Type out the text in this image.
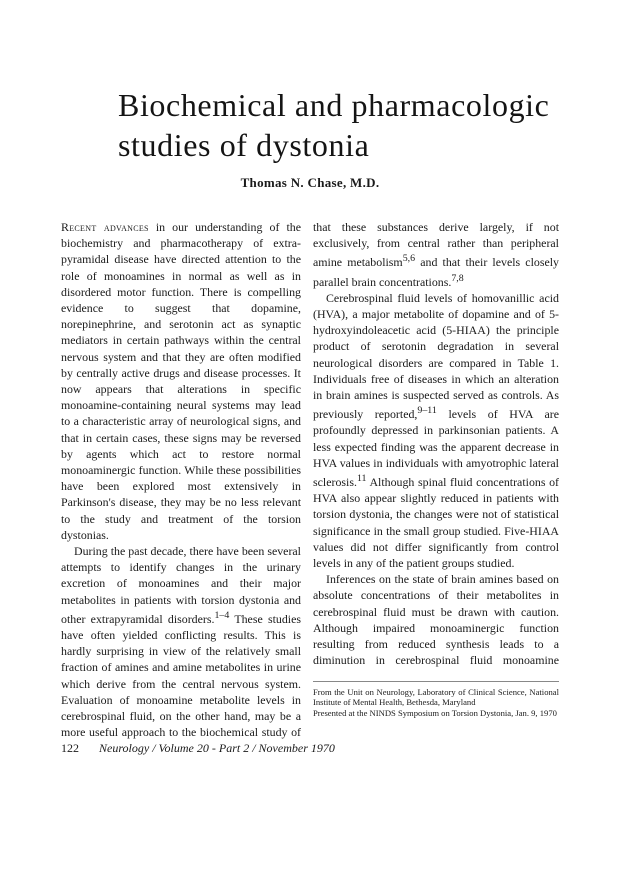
Biochemical and pharmacologic
studies of dystonia
Thomas N. Chase, M.D.

Recent advances in our understanding of the biochemistry and pharmacotherapy of extrapyramidal disease have directed attention to the role of monoamines in normal as well as in disordered motor function. There is compelling evidence to suggest that dopamine, norepinephrine, and serotonin act as synaptic mediators in certain pathways within the central nervous system and that they are often modified by centrally active drugs and disease processes. It now appears that alterations in specific monoamine-containing neural systems may lead to a characteristic array of neurological signs, and that in certain cases, these signs may be reversed by agents which act to restore normal monoaminergic function. While these possibilities have been explored most extensively in Parkinson's disease, they may be no less relevant to the study and treatment of the torsion dystonias.

During the past decade, there have been several attempts to identify changes in the urinary excretion of monoamines and their major metabolites in patients with torsion dystonia and other extrapyramidal disorders.$^{1-4}$ These studies have often yielded conflicting results. This is hardly surprising in view of the relatively small fraction of amines and amine metabolites in urine which derive from the central nervous system. Evaluation of monoamine metabolite levels in cerebrospinal fluid, on the other hand, may be a more useful approach to the biochemical study of

that these substances derive largely, if not exclusively, from central rather than peripheral amine metabolism$^{5,6}$ and that their levels closely parallel brain concentrations.$^{7,8}$

Cerebrospinal fluid levels of homovanillic acid (HVA), a major metabolite of dopamine and of 5-hydroxyindoleacetic acid (5-HIAA) the principle product of serotonin degradation in several neurological disorders are compared in Table 1. Individuals free of diseases in which an alteration in brain amines is suspected served as controls. As previously reported,$^{9-11}$ levels of HVA are profoundly depressed in parkinsonian patients. A less expected finding was the apparent decrease in HVA values in individuals with amyotrophic lateral sclerosis.$^{11}$ Although spinal fluid concentrations of HVA also appear slightly reduced in patients with torsion dystonia, the changes were not of statistical significance in the small group studied. Five-HIAA values did not differ significantly from control levels in any of the patient groups studied.

Inferences on the state of brain amines based on absolute concentrations of their metabolites in cerebrospinal fluid must be drawn with caution. Although impaired monoaminergic function resulting from reduced synthesis leads to a diminution in cerebrospinal fluid monoamine

From the Unit on Neurology, Laboratory of Clinical Science, National Institute of Mental Health, Bethesda, Maryland

Presented at the NINDS Symposium on Torsion Dystonia, Jan. 9, 1970

122 Neurology / Volume 20 - Part 2 / November 1970
